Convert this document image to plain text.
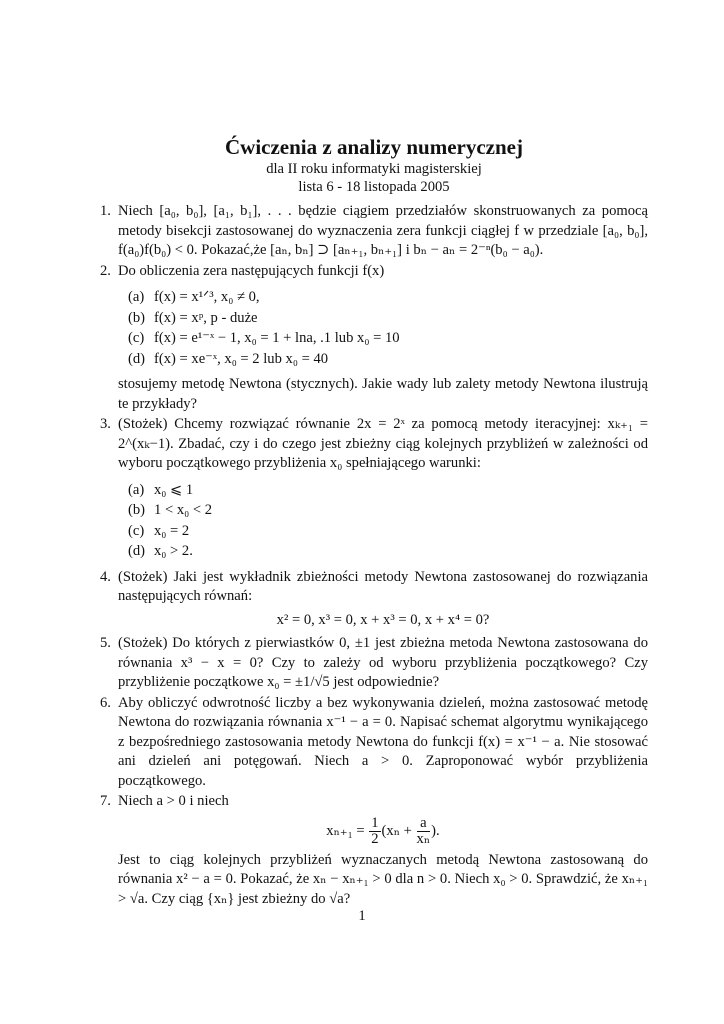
Ćwiczenia z analizy numerycznej
dla II roku informatyki magisterskiej
lista 6 - 18 listopada 2005
1. Niech [a₀, b₀], [a₁, b₁], . . . będzie ciągiem przedziałów skonstruowanych za pomocą metody bisekcji zastosowanej do wyznaczenia zera funkcji ciągłej f w przedziale [a₀, b₀], f(a₀)f(b₀) < 0. Pokazać,że [aₙ, bₙ] ⊃ [aₙ₊₁, bₙ₊₁] i bₙ − aₙ = 2⁻ⁿ(b₀ − a₀).
2. Do obliczenia zera następujących funkcji f(x)
(a) f(x) = x¹ᐟ³, x₀ ≠ 0,
(b) f(x) = xᵖ, p - duże
(c) f(x) = e¹⁻ˣ − 1, x₀ = 1 + lna, .1 lub x₀ = 10
(d) f(x) = xe⁻ˣ, x₀ = 2 lub x₀ = 40
stosujemy metodę Newtona (stycznych). Jakie wady lub zalety metody Newtona ilustrują te przykłady?
3. (Stożek) Chcemy rozwiązać równanie 2x = 2ˣ za pomocą metody iteracyjnej: xₖ₊₁ = 2^(xₖ−1). Zbadać, czy i do czego jest zbieżny ciąg kolejnych przybliżeń w zależności od wyboru początkowego przybliżenia x₀ spełniającego warunki:
(a) x₀ ⩽ 1
(b) 1 < x₀ < 2
(c) x₀ = 2
(d) x₀ > 2.
4. (Stożek) Jaki jest wykładnik zbieżności metody Newtona zastosowanej do rozwiązania następujących równań:
x² = 0, x³ = 0, x + x³ = 0, x + x⁴ = 0?
5. (Stożek) Do których z pierwiastków 0, ±1 jest zbieżna metoda Newtona zastosowana do równania x³ − x = 0? Czy to zależy od wyboru przybliżenia początkowego? Czy przybliżenie początkowe x₀ = ±1/√5 jest odpowiednie?
6. Aby obliczyć odwrotność liczby a bez wykonywania dzieleń, można zastosować metodę Newtona do rozwiązania równania x⁻¹ − a = 0. Napisać schemat algorytmu wynikającego z bezpośredniego zastosowania metody Newtona do funkcji f(x) = x⁻¹ − a. Nie stosować ani dzieleń ani potęgowań. Niech a > 0. Zaproponować wybór przybliżenia początkowego.
7. Niech a > 0 i niech
$x_{n+1} = \frac{1}{2} (x_n + \frac{a}{\text{xₙ}}$ ).
Jest to ciąg kolejnych przybliżeń wyznaczanych metodą Newtona zastosowaną do równania x² − a = 0. Pokazać, że xₙ − xₙ₊₁ > 0 dla n > 0. Niech x₀ > 0. Sprawdzić, że xₙ₊₁ > √a. Czy ciąg {xₙ} jest zbieżny do √a?
1
